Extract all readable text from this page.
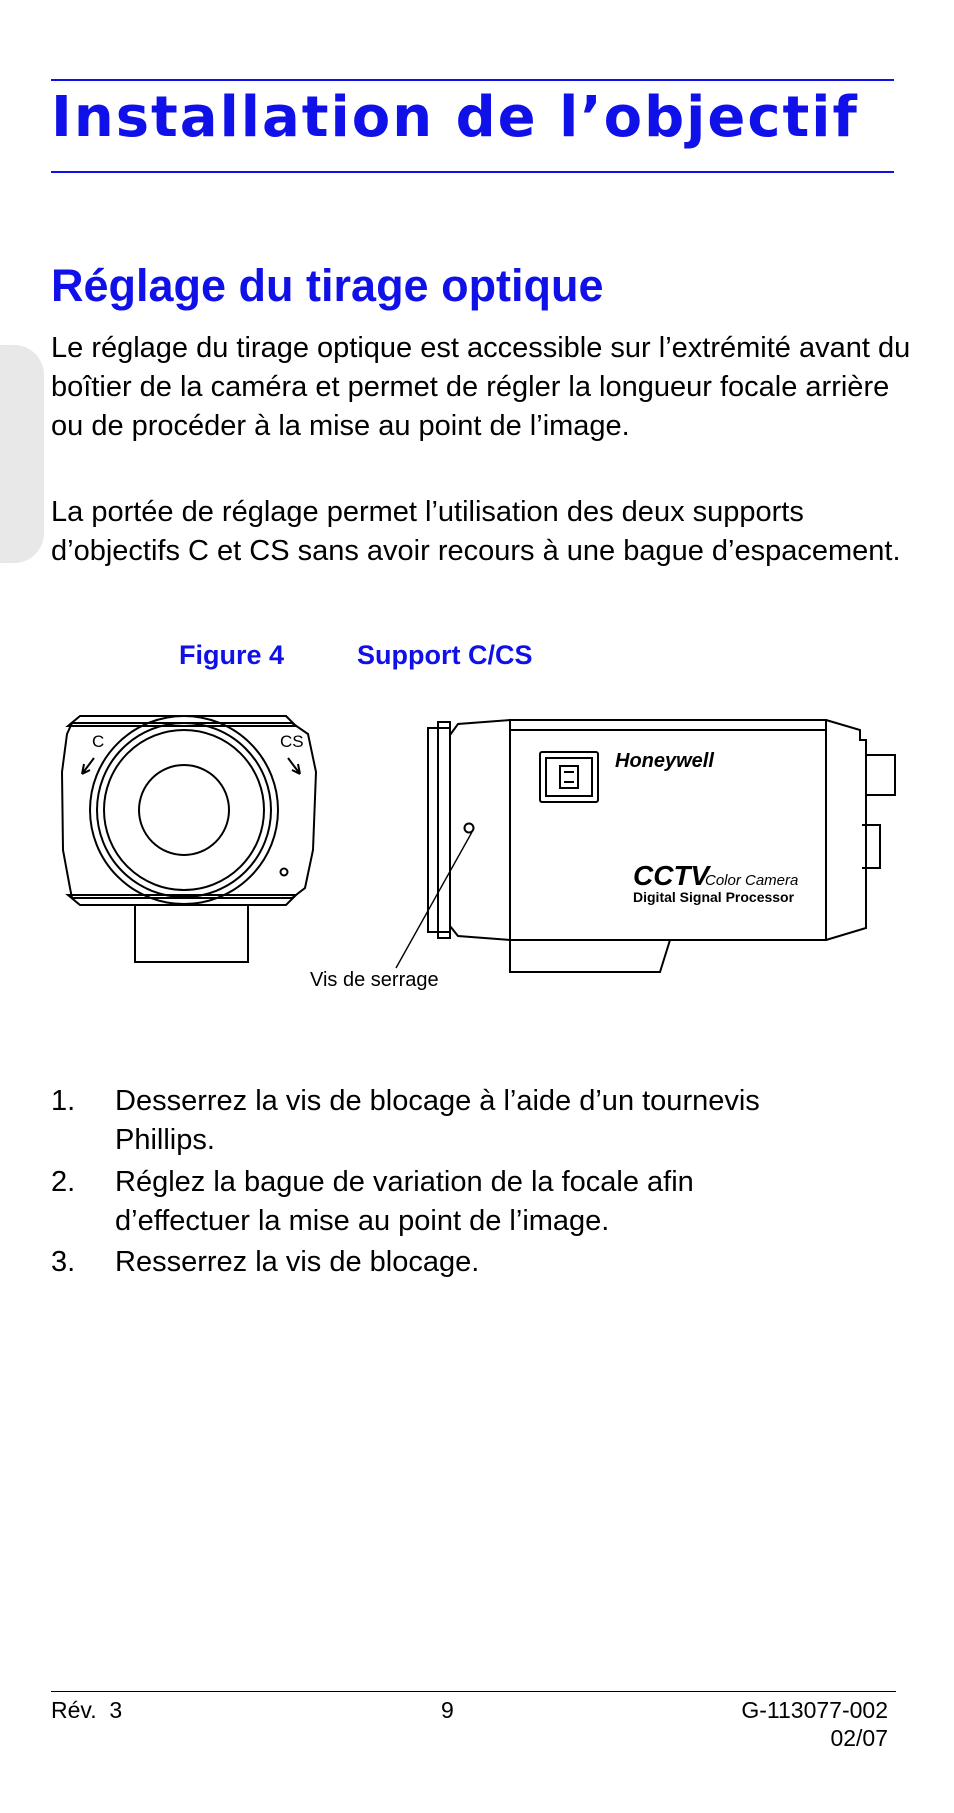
Installation de l’objectif
Réglage du tirage optique

Le réglage du tirage optique est accessible sur l’extrémité avant du boîtier de la caméra et permet de régler la longueur focale arrière ou de procéder à la mise au point de l’image.

La portée de réglage permet l’utilisation des deux supports d’objectifs C et CS sans avoir recours à une bague d’espacement.

Figure 4	Support C/CS
Honeywell
CCTV
Color Camera
Digital Signal Processor
C	CS
Vis de serrage
1. Desserrez la vis de blocage à l’aide d’un tournevis Phillips.
2. Réglez la bague de variation de la focale afin d’effectuer la mise au point de l’image.
3. Resserrez la vis de blocage.
Rév.  3	9	G-113077-002
02/07
